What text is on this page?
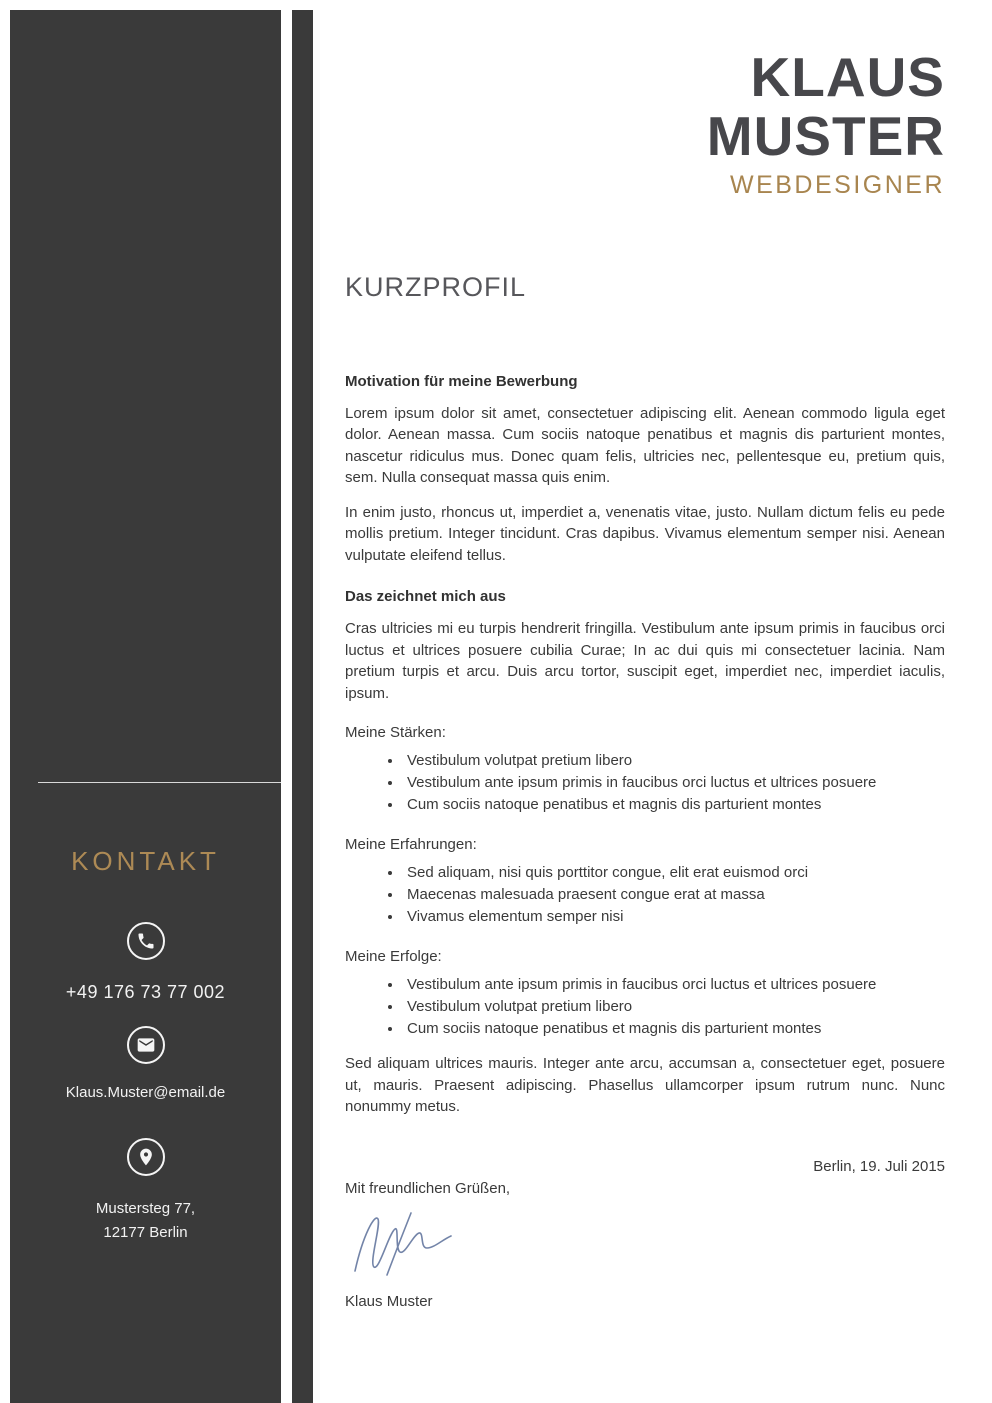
KONTAKT
+49 176 73 77 002
Klaus.Muster@email.de
Mustersteg 77,
12177 Berlin
KLAUS
MUSTER
WEBDESIGNER
KURZPROFIL
Motivation für meine Bewerbung

Lorem ipsum dolor sit amet, consectetuer adipiscing elit. Aenean commodo ligula eget dolor. Aenean massa. Cum sociis natoque penatibus et magnis dis parturient montes, nascetur ridiculus mus. Donec quam felis, ultricies nec, pellentesque eu, pretium quis, sem. Nulla consequat massa quis enim.

In enim justo, rhoncus ut, imperdiet a, venenatis vitae, justo. Nullam dictum felis eu pede mollis pretium. Integer tincidunt. Cras dapibus. Vivamus elementum semper nisi. Aenean vulputate eleifend tellus.

Das zeichnet mich aus

Cras ultricies mi eu turpis hendrerit fringilla. Vestibulum ante ipsum primis in faucibus orci luctus et ultrices posuere cubilia Curae; In ac dui quis mi consectetuer lacinia. Nam pretium turpis et arcu. Duis arcu tortor, suscipit eget, imperdiet nec, imperdiet iaculis, ipsum.

Meine Stärken:
• Vestibulum volutpat pretium libero
• Vestibulum ante ipsum primis in faucibus orci luctus et ultrices posuere
• Cum sociis natoque penatibus et magnis dis parturient montes
Meine Erfahrungen:
• Sed aliquam, nisi quis porttitor congue, elit erat euismod orci
• Maecenas malesuada praesent congue erat at massa
• Vivamus elementum semper nisi
Meine Erfolge:
• Vestibulum ante ipsum primis in faucibus orci luctus et ultrices posuere
• Vestibulum volutpat pretium libero
• Cum sociis natoque penatibus et magnis dis parturient montes

Sed aliquam ultrices mauris. Integer ante arcu, accumsan a, consectetuer eget, posuere ut, mauris. Praesent adipiscing. Phasellus ullamcorper ipsum rutrum nunc. Nunc nonummy metus.

Berlin, 19. Juli 2015
Mit freundlichen Grüßen,
Klaus Muster
